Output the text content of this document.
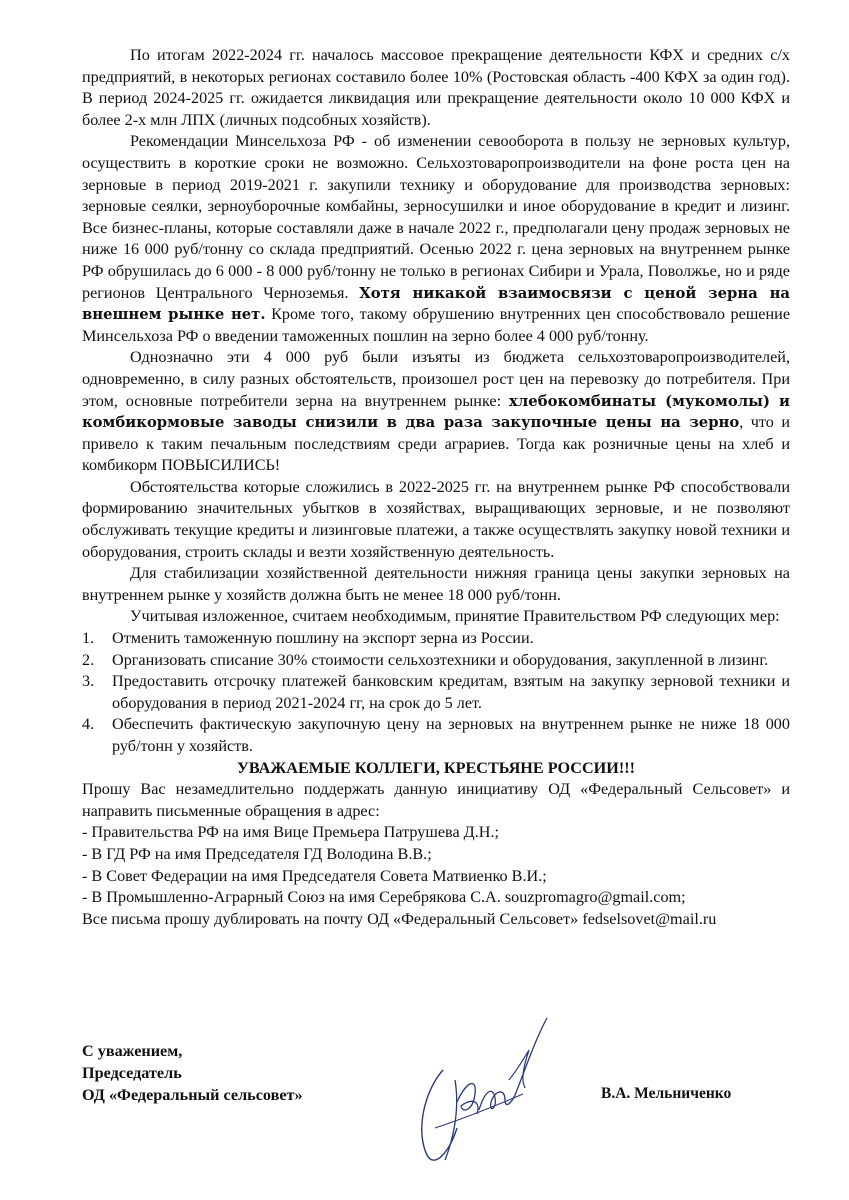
По итогам 2022-2024 гг. началось массовое прекращение деятельности КФХ и средних с/х предприятий, в некоторых регионах составило более 10% (Ростовская область -400 КФХ за один год). В период 2024-2025 гг. ожидается ликвидация или прекращение деятельности около 10 000 КФХ и более 2-х млн ЛПХ (личных подсобных хозяйств).

Рекомендации Минсельхоза РФ - об изменении севооборота в пользу не зерновых культур, осуществить в короткие сроки не возможно. Сельхозтоваропроизводители на фоне роста цен на зерновые в период 2019-2021 г. закупили технику и оборудование для производства зерновых: зерновые сеялки, зерноуборочные комбайны, зерносушилки и иное оборудование в кредит и лизинг. Все бизнес-планы, которые составляли даже в начале 2022 г., предполагали цену продаж зерновых не ниже 16 000 руб/тонну со склада предприятий. Осенью 2022 г. цена зерновых на внутреннем рынке РФ обрушилась до 6 000 - 8 000 руб/тонну не только в регионах Сибири и Урала, Поволжье, но и ряде регионов Центрального Черноземья. Хотя никакой взаимосвязи с ценой зерна на внешнем рынке нет. Кроме того, такому обрушению внутренних цен способствовало решение Минсельхоза РФ о введении таможенных пошлин на зерно более 4 000 руб/тонну.

Однозначно эти 4 000 руб были изъяты из бюджета сельхозтоваропроизводителей, одновременно, в силу разных обстоятельств, произошел рост цен на перевозку до потребителя. При этом, основные потребители зерна на внутреннем рынке: хлебокомбинаты (мукомолы) и комбикормовые заводы снизили в два раза закупочные цены на зерно, что и привело к таким печальным последствиям среди аграриев. Тогда как розничные цены на хлеб и комбикорм ПОВЫСИЛИСЬ!

Обстоятельства которые сложились в 2022-2025 гг. на внутреннем рынке РФ способствовали формированию значительных убытков в хозяйствах, выращивающих зерновые, и не позволяют обслуживать текущие кредиты и лизинговые платежи, а также осуществлять закупку новой техники и оборудования, строить склады и везти хозяйственную деятельность.

Для стабилизации хозяйственной деятельности нижняя граница цены закупки зерновых на внутреннем рынке у хозяйств должна быть не менее 18 000 руб/тонн.

Учитывая изложенное, считаем необходимым, принятие Правительством РФ следующих мер:

1.	Отменить таможенную пошлину на экспорт зерна из России.
2.	Организовать списание 30% стоимости сельхозтехники и оборудования, закупленной в лизинг.
3.	Предоставить отсрочку платежей банковским кредитам, взятым на закупку зерновой техники и оборудования в период 2021-2024 гг, на срок до 5 лет.
4.	Обеспечить фактическую закупочную цену на зерновых на внутреннем рынке не ниже 18 000 руб/тонн у хозяйств.

УВАЖАЕМЫЕ КОЛЛЕГИ, КРЕСТЬЯНЕ РОССИИ!!!

Прошу Вас незамедлительно поддержать данную инициативу ОД «Федеральный Сельсовет» и направить письменные обращения в адрес:

- Правительства РФ на имя Вице Премьера Патрушева Д.Н.;
- В ГД РФ на имя Председателя ГД Володина В.В.;
- В Совет Федерации на имя Председателя Совета Матвиенко В.И.;
- В Промышленно-Аграрный Союз на имя Серебрякова С.А. souzpromagro@gmail.com;

Все письма прошу дублировать на почту ОД «Федеральный Сельсовет» fedselsovet@mail.ru

С уважением,
Председатель
ОД «Федеральный сельсовет»	В.А. Мельниченко
